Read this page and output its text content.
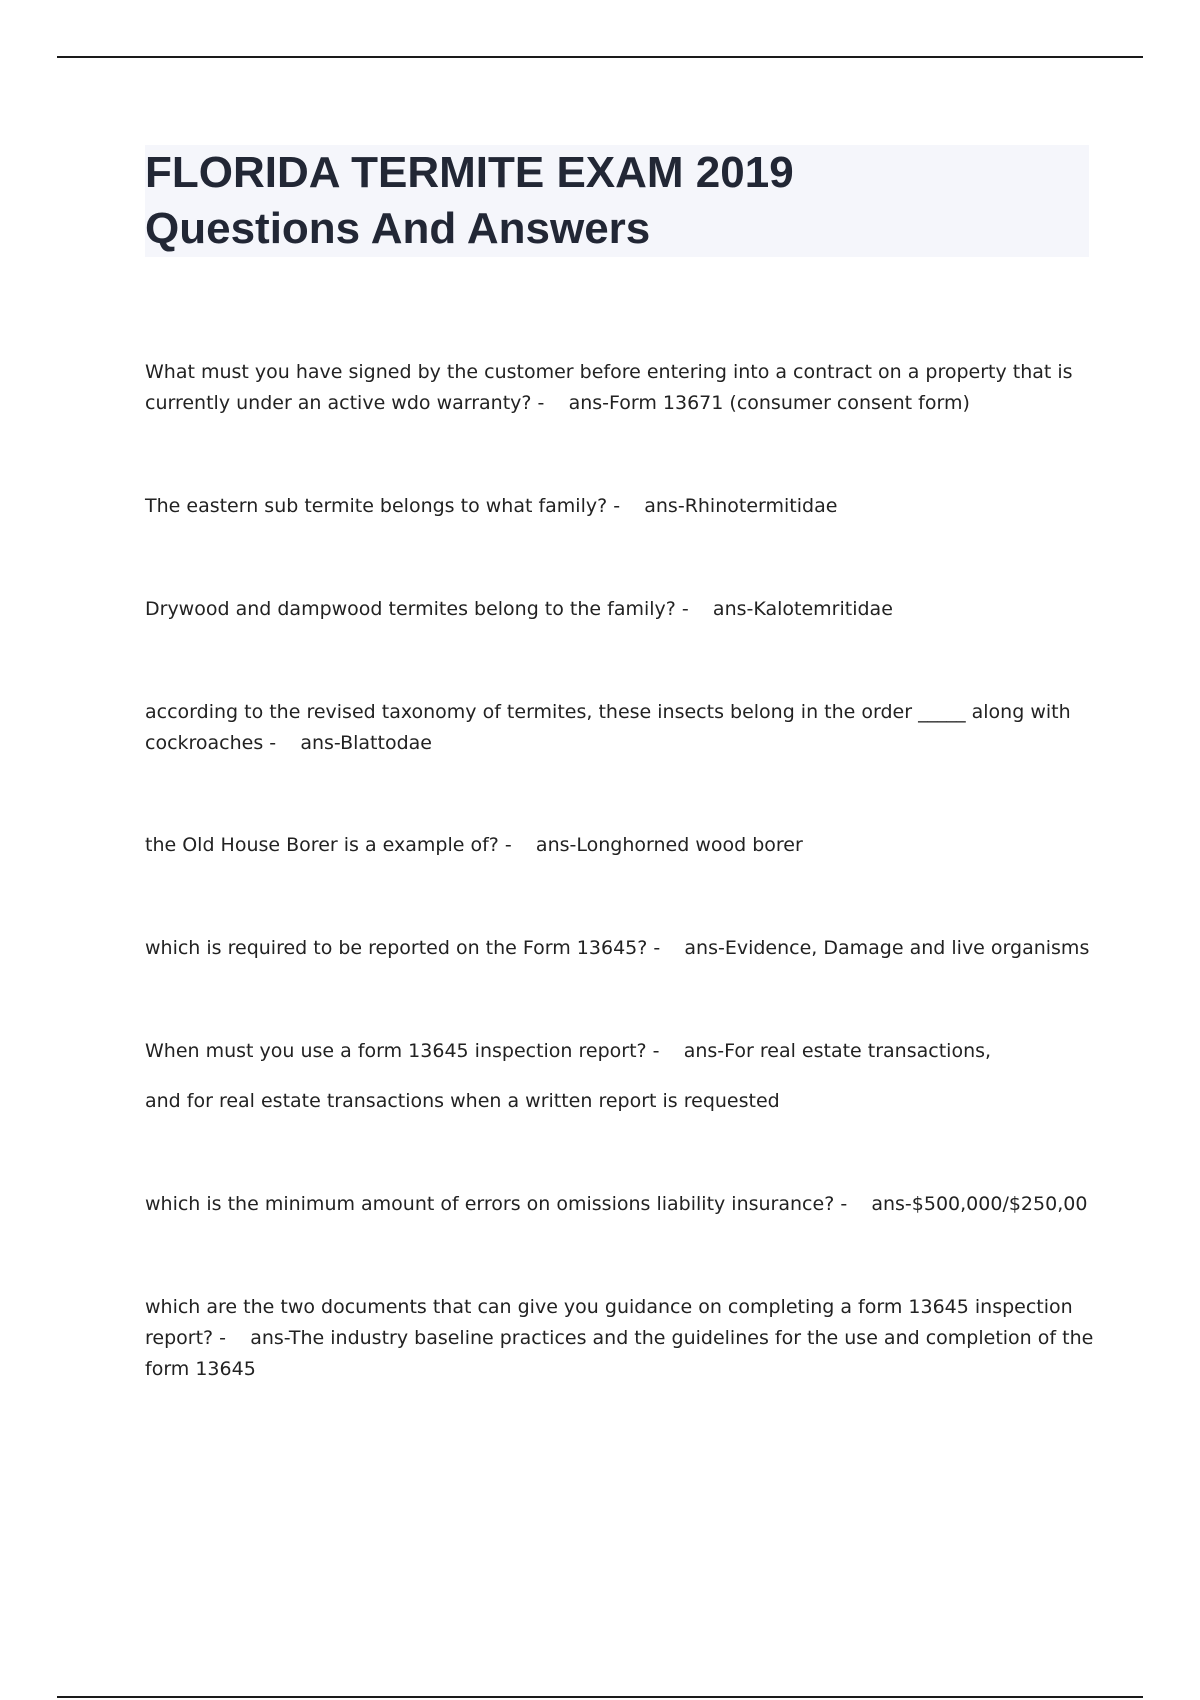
FLORIDA TERMITE EXAM 2019
Questions And Answers

What must you have signed by the customer before entering into a contract on a property that is currently under an active wdo warranty? -    ans-Form 13671 (consumer consent form)

The eastern sub termite belongs to what family? -    ans-Rhinotermitidae

Drywood and dampwood termites belong to the family? -    ans-Kalotemritidae

according to the revised taxonomy of termites, these insects belong in the order _____ along with cockroaches -    ans-Blattodae

the Old House Borer is a example of? -    ans-Longhorned wood borer

which is required to be reported on the Form 13645? -    ans-Evidence, Damage and live organisms

When must you use a form 13645 inspection report? -    ans-For real estate transactions,

and for real estate transactions when a written report is requested

which is the minimum amount of errors on omissions liability insurance? -    ans-$500,000/$250,00

which are the two documents that can give you guidance on completing a form 13645 inspection report? -    ans-The industry baseline practices and the guidelines for the use and completion of the form 13645
